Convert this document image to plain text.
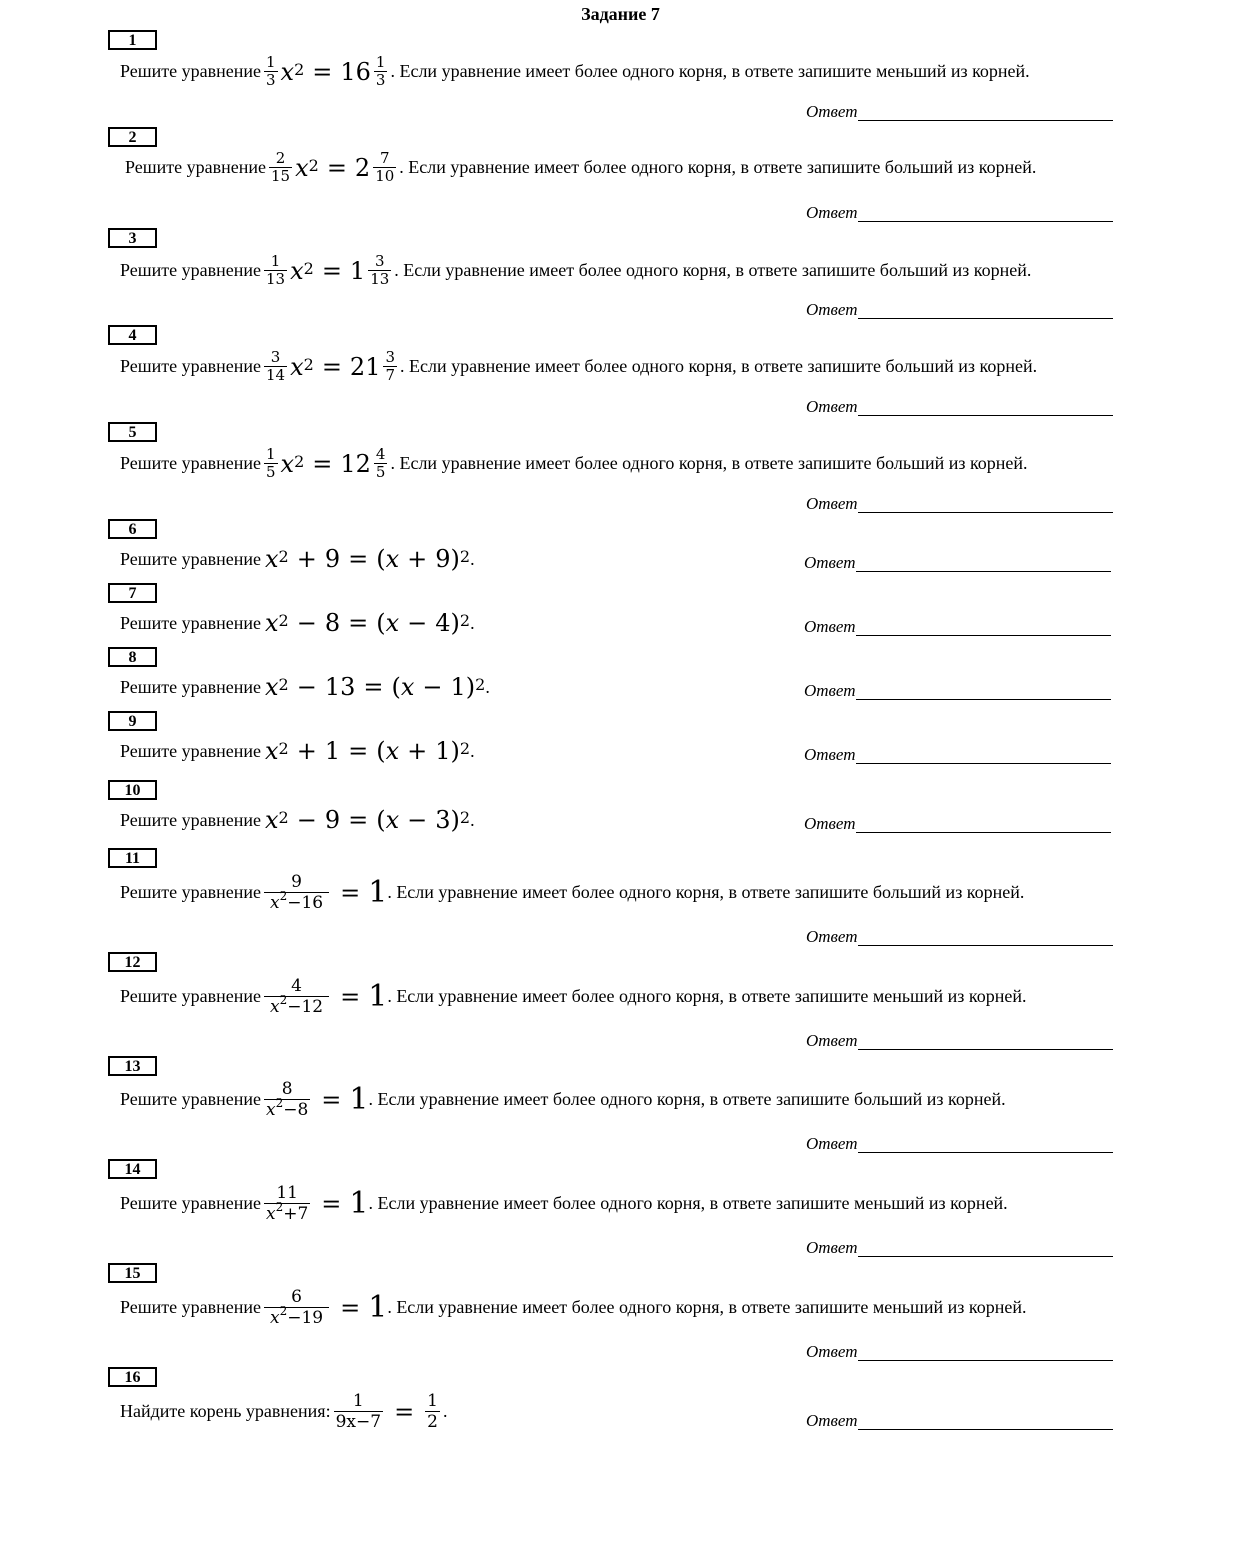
Задание 7
1
Решите уравнение $\frac{1}{3} x^2 = 16 \frac{1}{3}$ . Если уравнение имеет более одного корня, в ответе запишите меньший из корней.
Ответ
2
Решите уравнение $\frac{2}{15} x^2 = 2 \frac{7}{10}$ . Если уравнение имеет более одного корня, в ответе запишите больший из корней.
Ответ
3
Решите уравнение $\frac{1}{13} x^2 = 1 \frac{3}{13}$ . Если уравнение имеет более одного корня, в ответе запишите больший из корней.
Ответ
4
Решите уравнение $\frac{3}{14} x^2 = 21 \frac{3}{7}$ . Если уравнение имеет более одного корня, в ответе запишите больший из корней.
Ответ
5
Решите уравнение $\frac{1}{5} x^2 = 12 \frac{4}{5}$ . Если уравнение имеет более одного корня, в ответе запишите больший из корней.
Ответ
6
Решите уравнение $x^2 + 9$ = ( x + 9 )$^2$ .	Ответ
7
Решите уравнение $x^2 - 8$ = ( x − 4 )$^2$ .	Ответ
8
Решите уравнение $x^2 - 13$ = ( x − 1 )$^2$ .	Ответ
9
Решите уравнение $x^2 + 1$ = ( x + 1 )$^2$ .	Ответ
10
Решите уравнение $x^2 - 9$ = ( x − 3 )$^2$ .	Ответ
11
Решите уравнение $\frac{9}{x^2-16} = 1$ . Если уравнение имеет более одного корня, в ответе запишите больший из корней.
Ответ
12
Решите уравнение $\frac{4}{x^2-12} = 1$ . Если уравнение имеет более одного корня, в ответе запишите меньший из корней.
Ответ
13
Решите уравнение $\frac{8}{x^2-8} = 1$ . Если уравнение имеет более одного корня, в ответе запишите больший из корней.
Ответ
14
Решите уравнение $\frac{11}{x^2+7} = 1$ . Если уравнение имеет более одного корня, в ответе запишите меньший из корней.
Ответ
15
Решите уравнение $\frac{6}{x^2-19} = 1$ . Если уравнение имеет более одного корня, в ответе запишите меньший из корней.
Ответ
16
Найдите корень уравнения: $\frac{1}{9x-7} = \frac{1}{2}$ .	Ответ
